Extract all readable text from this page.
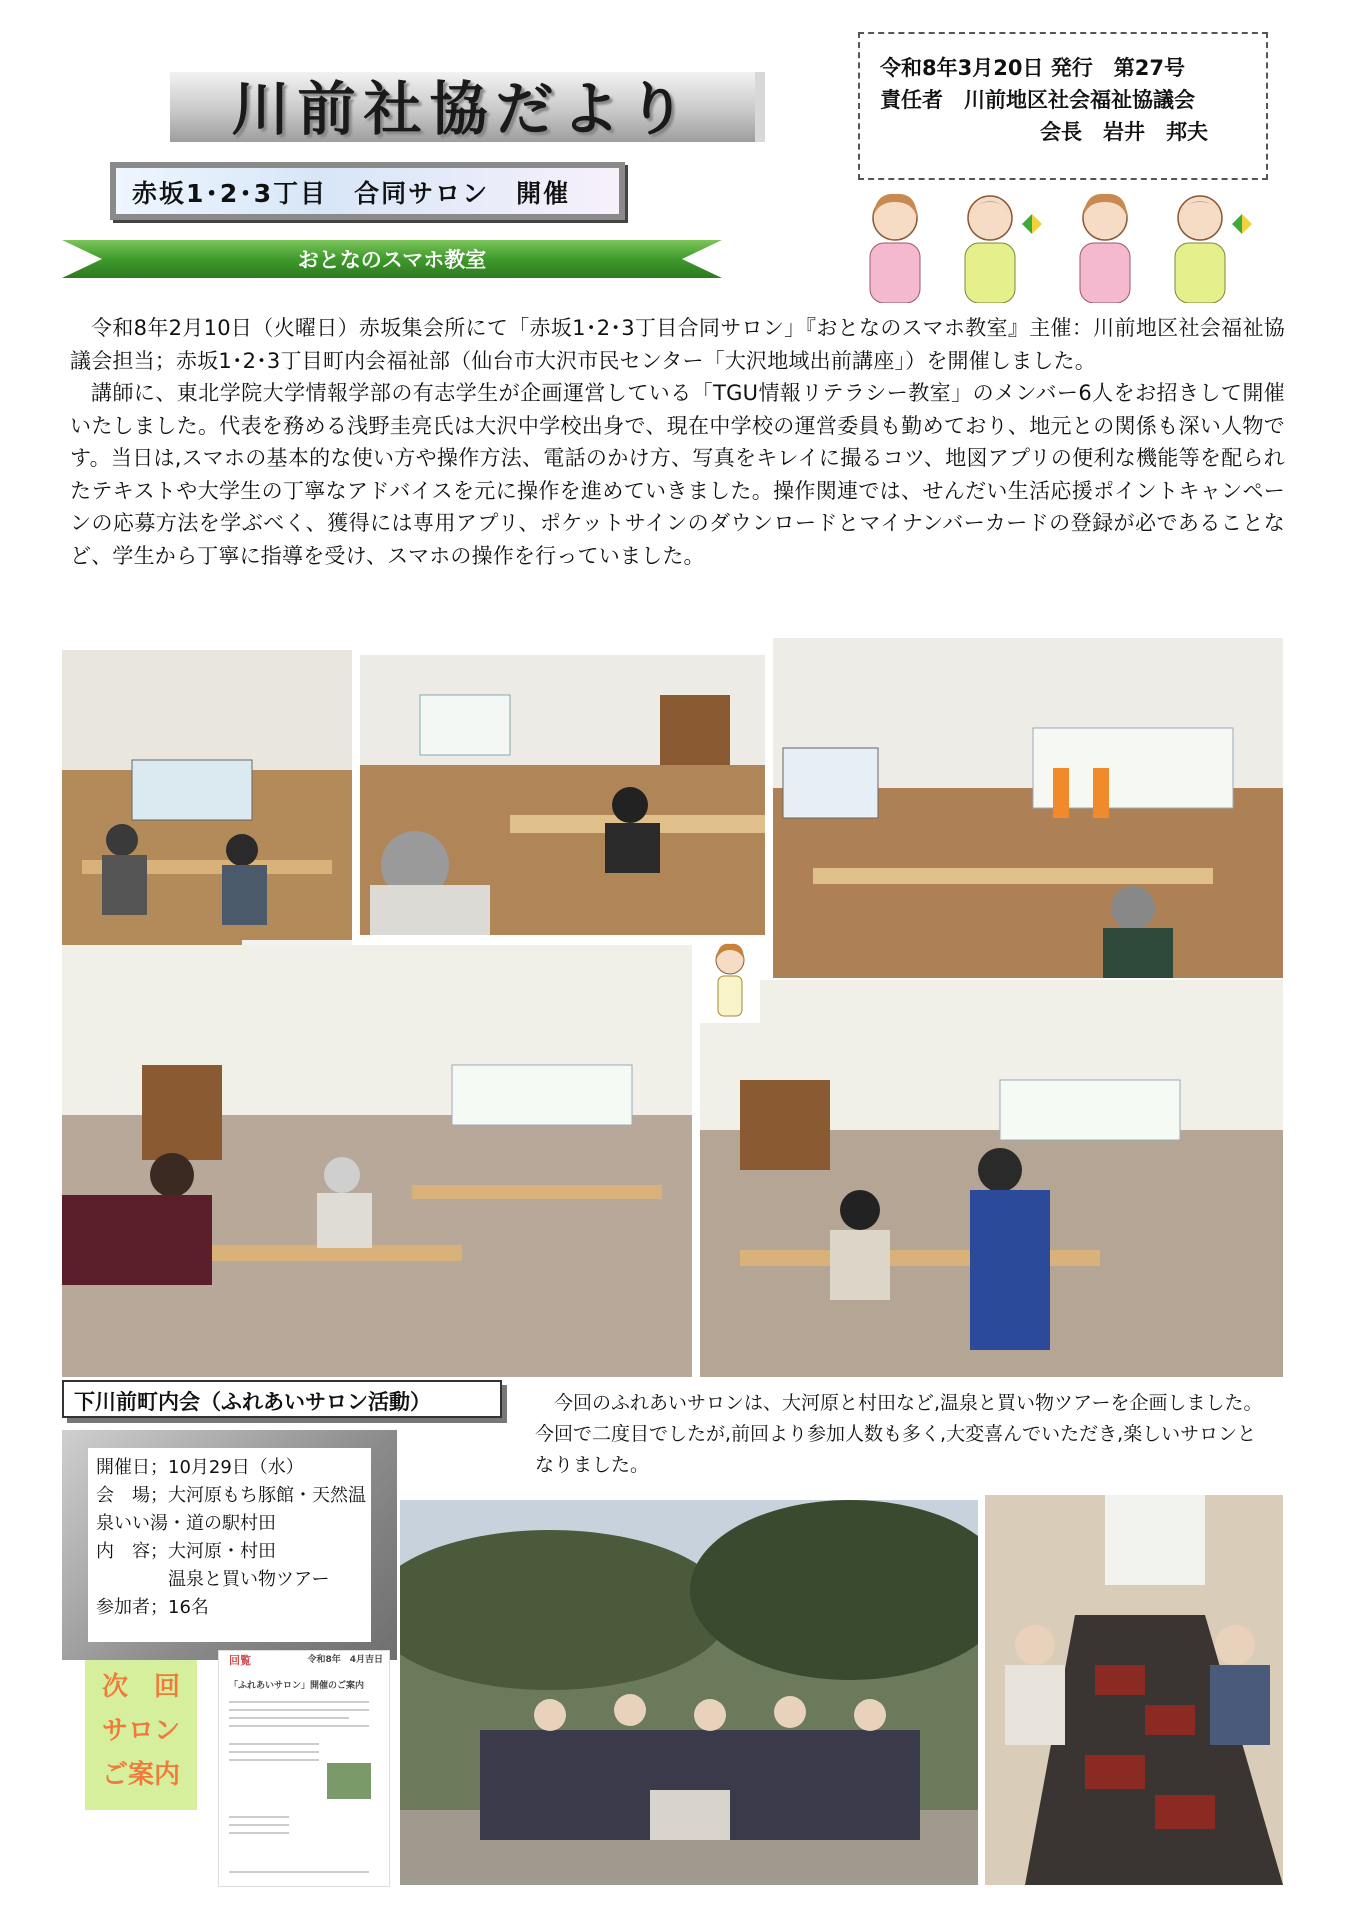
川前社協だより
令和8年3月20日 発行　第27号
責任者　川前地区社会福祉協議会
会長　岩井　邦夫
赤坂1･2･3丁目　合同サロン　開催
おとなのスマホ教室

令和8年2月10日（火曜日）赤坂集会所にて「赤坂1･2･3丁目合同サロン」『おとなのスマホ教室』主催：川前地区社会福祉協議会担当；赤坂1･2･3丁目町内会福祉部（仙台市大沢市民センター「大沢地域出前講座」）を開催しました。

講師に、東北学院大学情報学部の有志学生が企画運営している「TGU情報リテラシー教室」のメンバー6人をお招きして開催いたしました。代表を務める浅野圭亮氏は大沢中学校出身で、現在中学校の運営委員も勤めており、地元との関係も深い人物です。当日は,スマホの基本的な使い方や操作方法、電話のかけ方、写真をキレイに撮るコツ、地図アプリの便利な機能等を配られたテキストや大学生の丁寧なアドバイスを元に操作を進めていきました。操作関連では、せんだい生活応援ポイントキャンペーンの応募方法を学ぶべく、獲得には専用アプリ、ポケットサインのダウンロードとマイナンバーカードの登録が必であることなど、学生から丁寧に指導を受け、スマホの操作を行っていました。

下川前町内会（ふれあいサロン活動）	今回のふれあいサロンは、大河原と村田など,温泉と買い物ツアーを企画しました。今回で二度目でしたが,前回より参加人数も多く,大変喜んでいただき,楽しいサロンとなりました。

開催日；10月29日（水）
会　場；大河原もち豚館・天然温
泉いい湯・道の駅村田
内　容；大河原・村田
　　　　温泉と買い物ツアー
参加者；16名
次　回
サロン
ご案内
回覧	令和8年　4月吉日
「ふれあいサロン」開催のご案内
